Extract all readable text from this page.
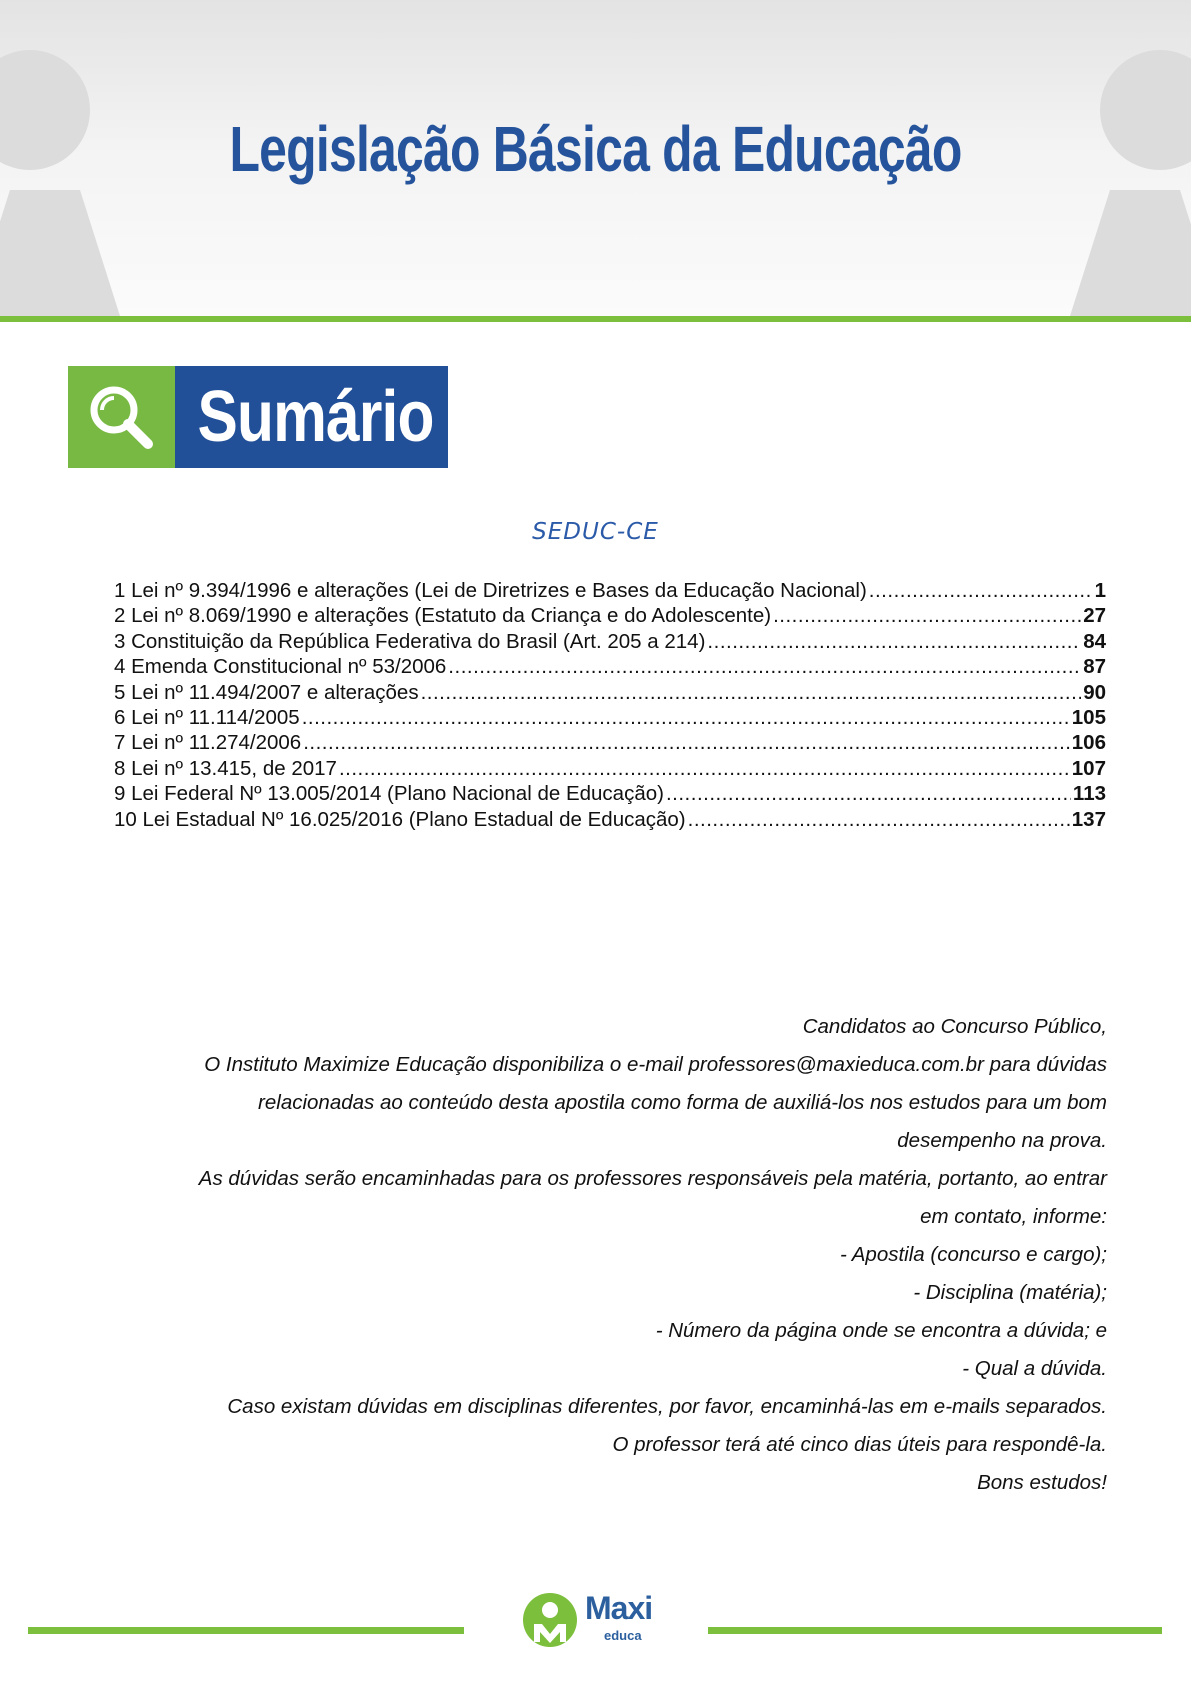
Legislação Básica da Educação
Sumário
SEDUC-CE
1 Lei nº 9.394/1996 e alterações (Lei de Diretrizes e Bases da Educação Nacional) .....	1
2 Lei nº 8.069/1990 e alterações (Estatuto da Criança e do Adolescente) .....	27
3 Constituição da República Federativa do Brasil (Art. 205 a 214) .....	84
4 Emenda Constitucional nº 53/2006 .....	87
5 Lei nº 11.494/2007 e alterações .....	90
6 Lei nº 11.114/2005 .....	105
7 Lei nº 11.274/2006 .....	106
8 Lei nº 13.415, de 2017 .....	107
9 Lei Federal Nº 13.005/2014 (Plano Nacional de Educação) .....	113
10 Lei Estadual Nº 16.025/2016 (Plano Estadual de Educação) .....	137

Candidatos ao Concurso Público,

O Instituto Maximize Educação disponibiliza o e-mail professores@maxieduca.com.br para dúvidas

relacionadas ao conteúdo desta apostila como forma de auxiliá-los nos estudos para um bom

desempenho na prova.

As dúvidas serão encaminhadas para os professores responsáveis pela matéria, portanto, ao entrar

em contato, informe:

- Apostila (concurso e cargo);

- Disciplina (matéria);

- Número da página onde se encontra a dúvida; e

- Qual a dúvida.

Caso existam dúvidas em disciplinas diferentes, por favor, encaminhá-las em e-mails separados.

O professor terá até cinco dias úteis para respondê-la.

Bons estudos!

Maxi
educa
